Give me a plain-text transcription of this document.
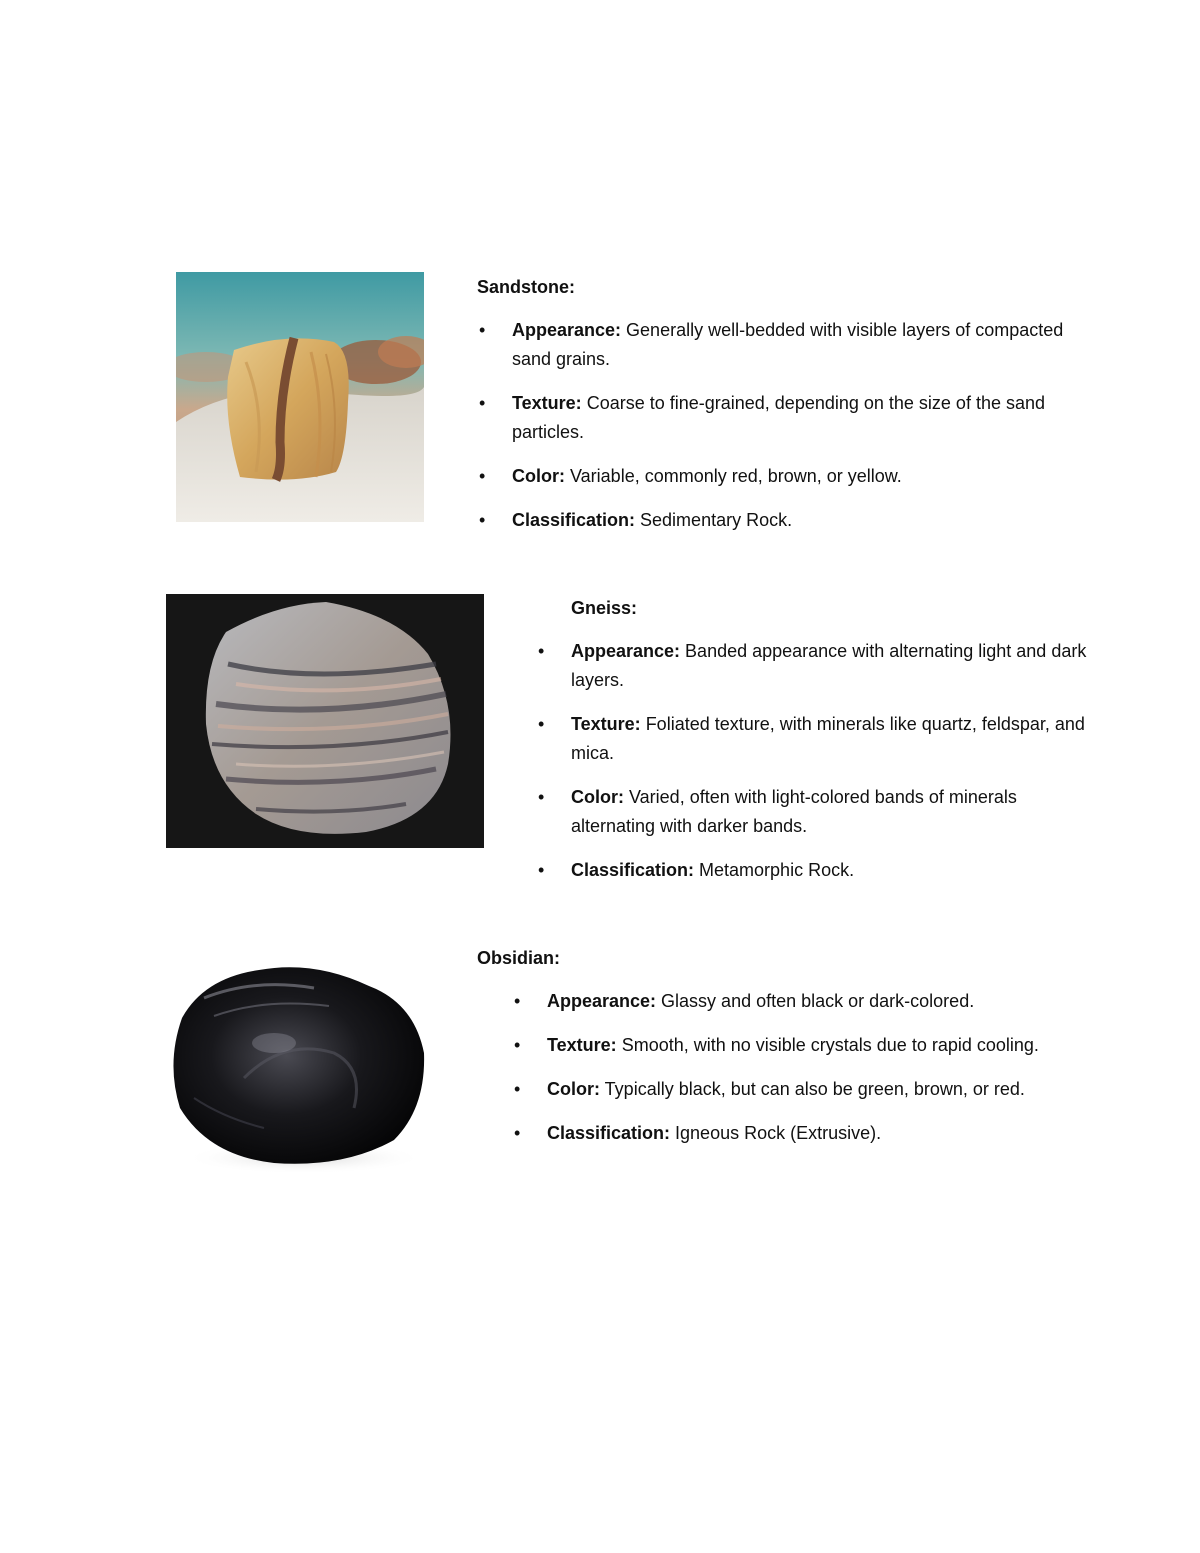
Sandstone:
• Appearance: Generally well-bedded with visible layers of compacted sand grains.
• Texture: Coarse to fine-grained, depending on the size of the sand particles.
• Color: Variable, commonly red, brown, or yellow.
• Classification: Sedimentary Rock.
Gneiss:
• Appearance: Banded appearance with alternating light and dark layers.
• Texture: Foliated texture, with minerals like quartz, feldspar, and mica.
• Color: Varied, often with light-colored bands of minerals alternating with darker bands.
• Classification: Metamorphic Rock.
Obsidian:
• Appearance: Glassy and often black or dark-colored.
• Texture: Smooth, with no visible crystals due to rapid cooling.
• Color: Typically black, but can also be green, brown, or red.
• Classification: Igneous Rock (Extrusive).
